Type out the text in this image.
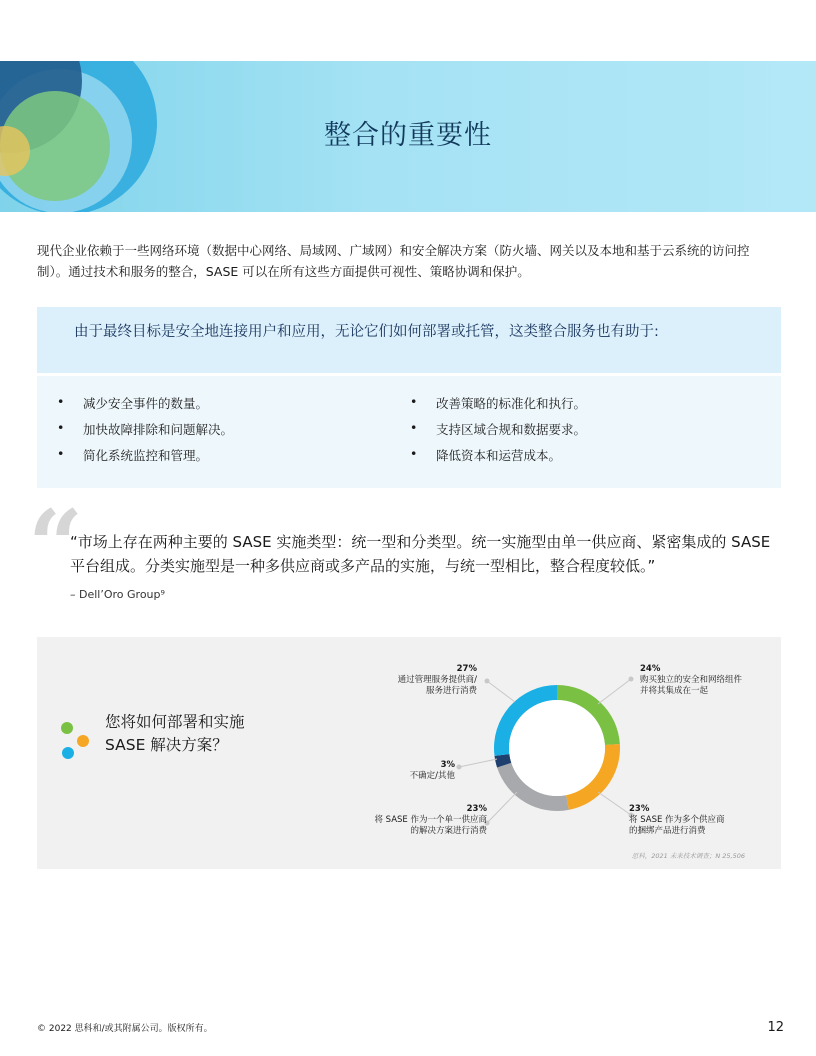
整合的重要性
现代企业依赖于一些网络环境（数据中心网络、局域网、广域网）和安全解决方案（防火墙、网关以及本地和基于云系统的访问控制）。通过技术和服务的整合，SASE 可以在所有这些方面提供可视性、策略协调和保护。
由于最终目标是安全地连接用户和应用，无论它们如何部署或托管，这类整合服务也有助于:
• 减少安全事件的数量。
• 加快故障排除和问题解决。
• 简化系统监控和管理。
• 改善策略的标准化和执行。
• 支持区域合规和数据要求。
• 降低资本和运营成本。
“
“市场上存在两种主要的 SASE 实施类型：统一型和分类型。统一实施型由单一供应商、紧密集成的 SASE 平台组成。分类实施型是一种多供应商或多产品的实施，与统一型相比，整合程度较低。”
– Dell’Oro Group⁹
您将如何部署和实施
SASE 解决方案？
24%
购买独立的安全和网络组件
并将其集成在一起
23%
将 SASE 作为多个供应商
的捆绑产品进行消费
23%
将 SASE 作为一个单一供应商
的解决方案进行消费
3%
不确定/其他
27%
通过管理服务提供商/
服务进行消费
思科，2021 未来技术调查；N 25,506
© 2022 思科和/或其附属公司。版权所有。	12
